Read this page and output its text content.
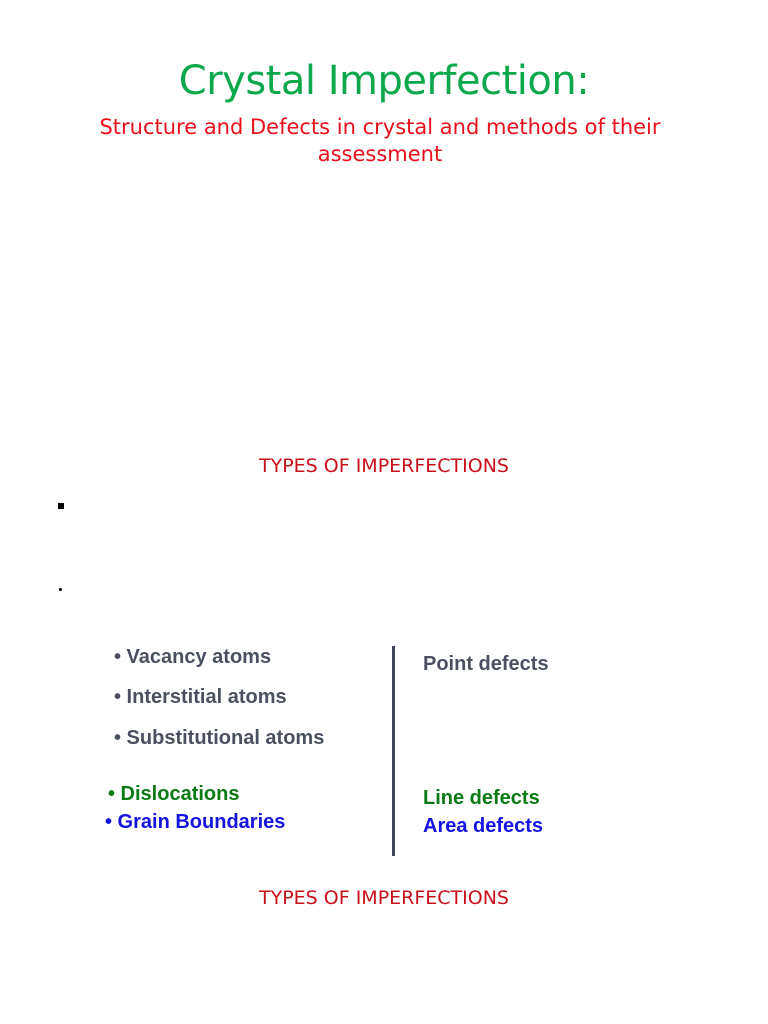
Crystal Imperfection:
Structure and Defects in crystal and methods of their assessment
TYPES OF IMPERFECTIONS
• Vacancy atoms
• Interstitial atoms
• Substitutional atoms
• Dislocations
• Grain Boundaries
Point defects
Line defects
Area defects
TYPES OF IMPERFECTIONS
